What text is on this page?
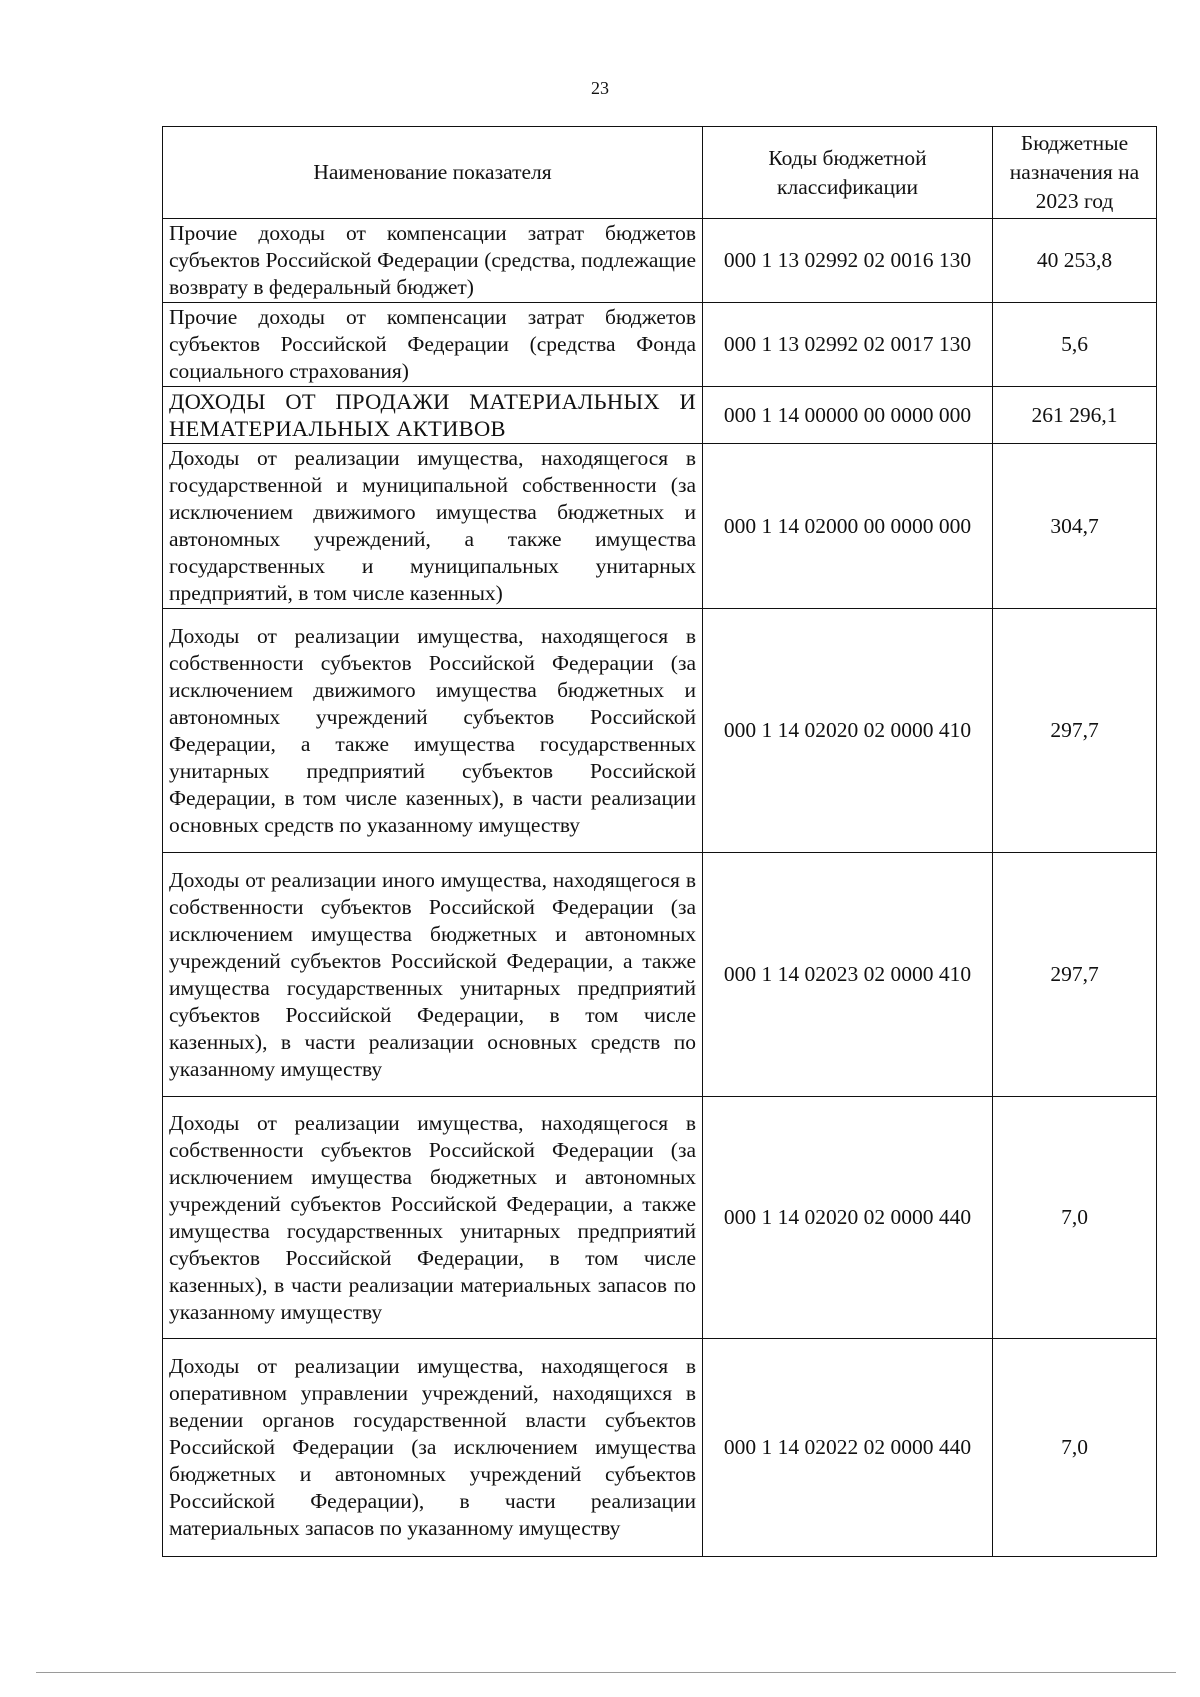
23
Наименование показателя	Коды бюджетной классификации	Бюджетные назначения на 2023 год
Прочие доходы от компенсации затрат бюджетов субъектов Российской Федерации (средства, подлежащие возврату в федеральный бюджет)	000 1 13 02992 02 0016 130	40 253,8
Прочие доходы от компенсации затрат бюджетов субъектов Российской Федерации (средства Фонда социального страхования)	000 1 13 02992 02 0017 130	5,6
ДОХОДЫ ОТ ПРОДАЖИ МАТЕРИАЛЬНЫХ И НЕМАТЕРИАЛЬНЫХ АКТИВОВ	000 1 14 00000 00 0000 000	261 296,1
Доходы от реализации имущества, находящегося в государственной и муниципальной собственности (за исключением движимого имущества бюджетных и автономных учреждений, а также имущества государственных и муниципальных унитарных предприятий, в том числе казенных)	000 1 14 02000 00 0000 000	304,7
Доходы от реализации имущества, находящегося в собственности субъектов Российской Федерации (за исключением движимого имущества бюджетных и автономных учреждений субъектов Российской Федерации, а также имущества государственных унитарных предприятий субъектов Российской Федерации, в том числе казенных), в части реализации основных средств по указанному имуществу	000 1 14 02020 02 0000 410	297,7
Доходы от реализации иного имущества, находящегося в собственности субъектов Российской Федерации (за исключением имущества бюджетных и автономных учреждений субъектов Российской Федерации, а также имущества государственных унитарных предприятий субъектов Российской Федерации, в том числе казенных), в части реализации основных средств по указанному имуществу	000 1 14 02023 02 0000 410	297,7
Доходы от реализации имущества, находящегося в собственности субъектов Российской Федерации (за исключением имущества бюджетных и автономных учреждений субъектов Российской Федерации, а также имущества государственных унитарных предприятий субъектов Российской Федерации, в том числе казенных), в части реализации материальных запасов по указанному имуществу	000 1 14 02020 02 0000 440	7,0
Доходы от реализации имущества, находящегося в оперативном управлении учреждений, находящихся в ведении органов государственной власти субъектов Российской Федерации (за исключением имущества бюджетных и автономных учреждений субъектов Российской Федерации), в части реализации материальных запасов по указанному имуществу	000 1 14 02022 02 0000 440	7,0
